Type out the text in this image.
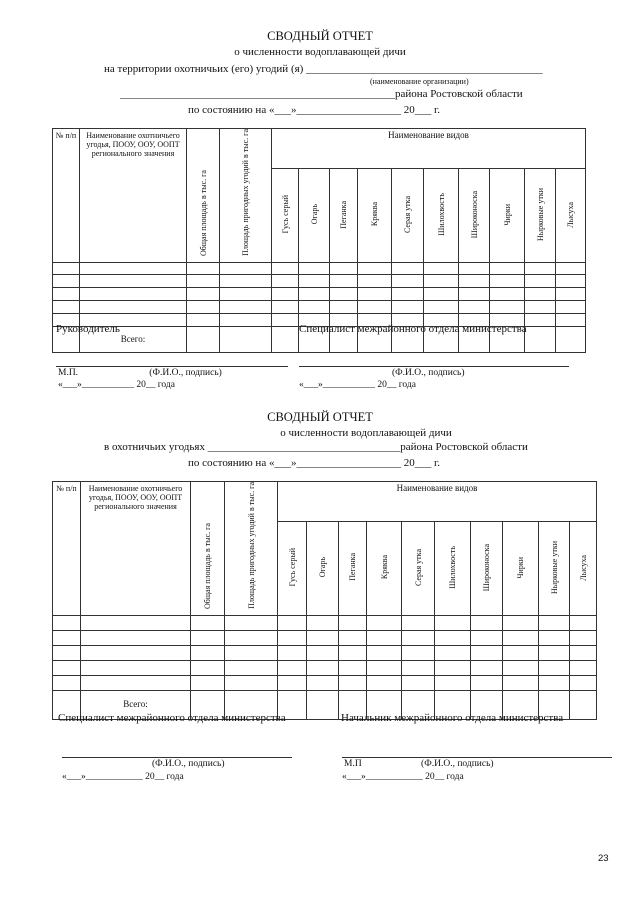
СВОДНЫЙ ОТЧЕТ
о численности водоплавающей дичи
на территории охотничьих (его) угодий (я) ___________________________________________
(наименование организации)
__________________________________________________района Ростовской области
по состоянию на «___»___________________ 20___ г.
№ п/п	Наименование охотничьего угодья, ПООУ, ООУ, ООПТ регионального значения	Общая площадь в тыс. га	Площадь пригодных угодий в тыс. га	Наименование видов									
				Гусь серый	Огарь	Пеганка	Кряква	Серая утка	Шилохвость	Широконоска	Чирки	Нырковые утки	Лысуха

	Всего:												
Руководитель	Специалист межрайонного отдела министерства
М.П.                              (Ф.И.О., подпись)	(Ф.И.О., подпись)
«___»___________ 20__ года	«___»___________ 20__ года
СВОДНЫЙ ОТЧЕТ
о численности водоплавающей дичи
в охотничьих угодьях ___________________________________района Ростовской области
по состоянию на «___»___________________ 20___ г.
№ п/п	Наименование охотничьего угодья, ПООУ, ООУ, ООПТ регионального значения	Общая площадь в тыс. га	Площадь пригодных угодий в тыс. га	Наименование видов									
				Гусь серый	Огарь	Пеганка	Кряква	Серая утка	Шилохвость	Широконоска	Чирки	Нырковые утки	Лысуха

	Всего:												
Специалист межрайонного отдела министерства	Начальник межрайонного отдела министерства
(Ф.И.О., подпись)	М.П                         (Ф.И.О., подпись)
«___»____________ 20__ года	«___»____________ 20__ года
23
